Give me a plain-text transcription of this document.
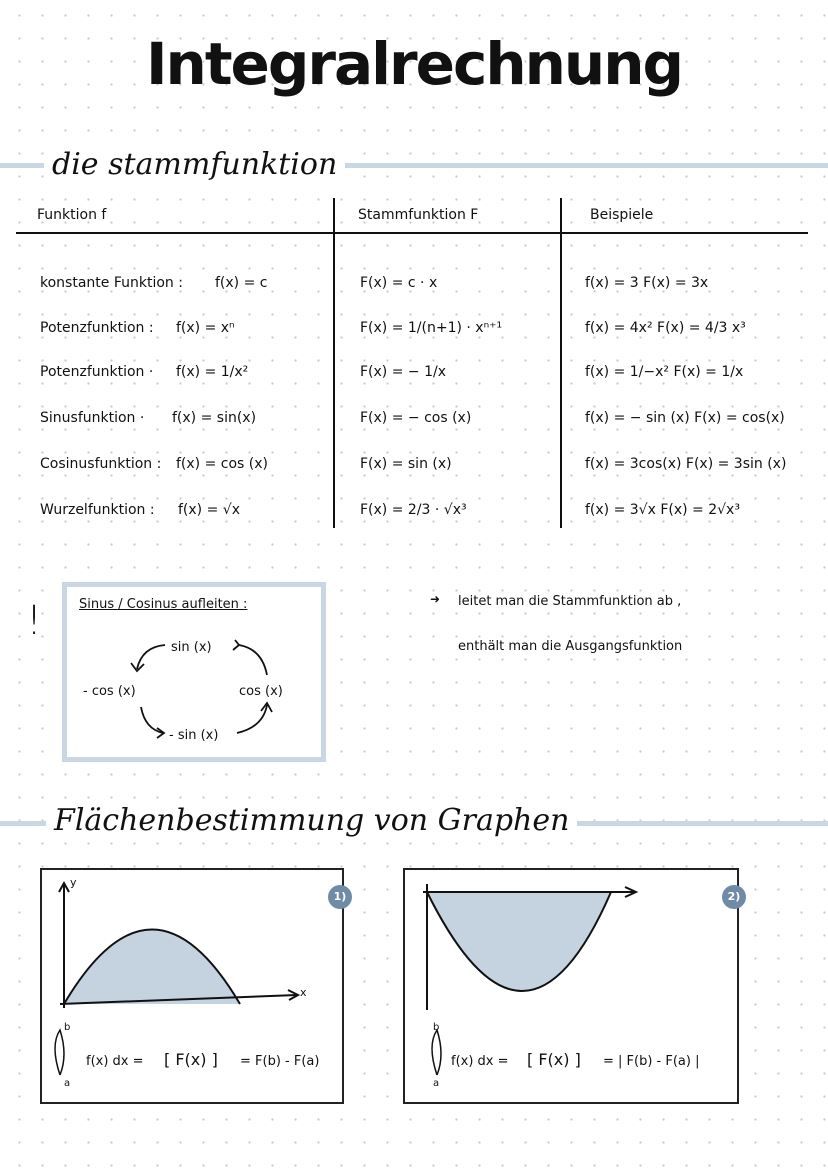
Integralrechnung
die stammfunktion
Funktion f	Stammfunktion F	Beispiele
konstante Funktion : f(x) = c	F(x) = c · x	f(x) = 3 F(x) = 3x
Potenzfunktion : f(x) = xⁿ	F(x) = 1/(n+1) · xⁿ⁺¹	f(x) = 4x² F(x) = 4/3 x³
Potenzfunktion · f(x) = 1/x²	F(x) = − 1/x	f(x) = 1/−x² F(x) = 1/x
Sinusfunktion · f(x) = sin(x)	F(x) = − cos (x)	f(x) = − sin (x) F(x) = cos(x)
Cosinusfunktion : f(x) = cos (x)	F(x) = sin (x)	f(x) = 3cos(x) F(x) = 3sin (x)
Wurzelfunktion : f(x) = √x	F(x) = 2/3 · √x³	f(x) = 3√x F(x) = 2√x³
!	Sinus / Cosinus aufleiten :
sin (x)
cos (x)
- sin (x)
- cos (x)
➜ leitet man die Stammfunktion ab ,
enthält man die Ausgangsfunktion
Flächenbestimmung von Graphen
y
x
b
a
f(x) dx = [ F(x) ] = F(b) - F(a)
1)
b
a
f(x) dx = [ F(x) ] = | F(b) - F(a) |
2)
